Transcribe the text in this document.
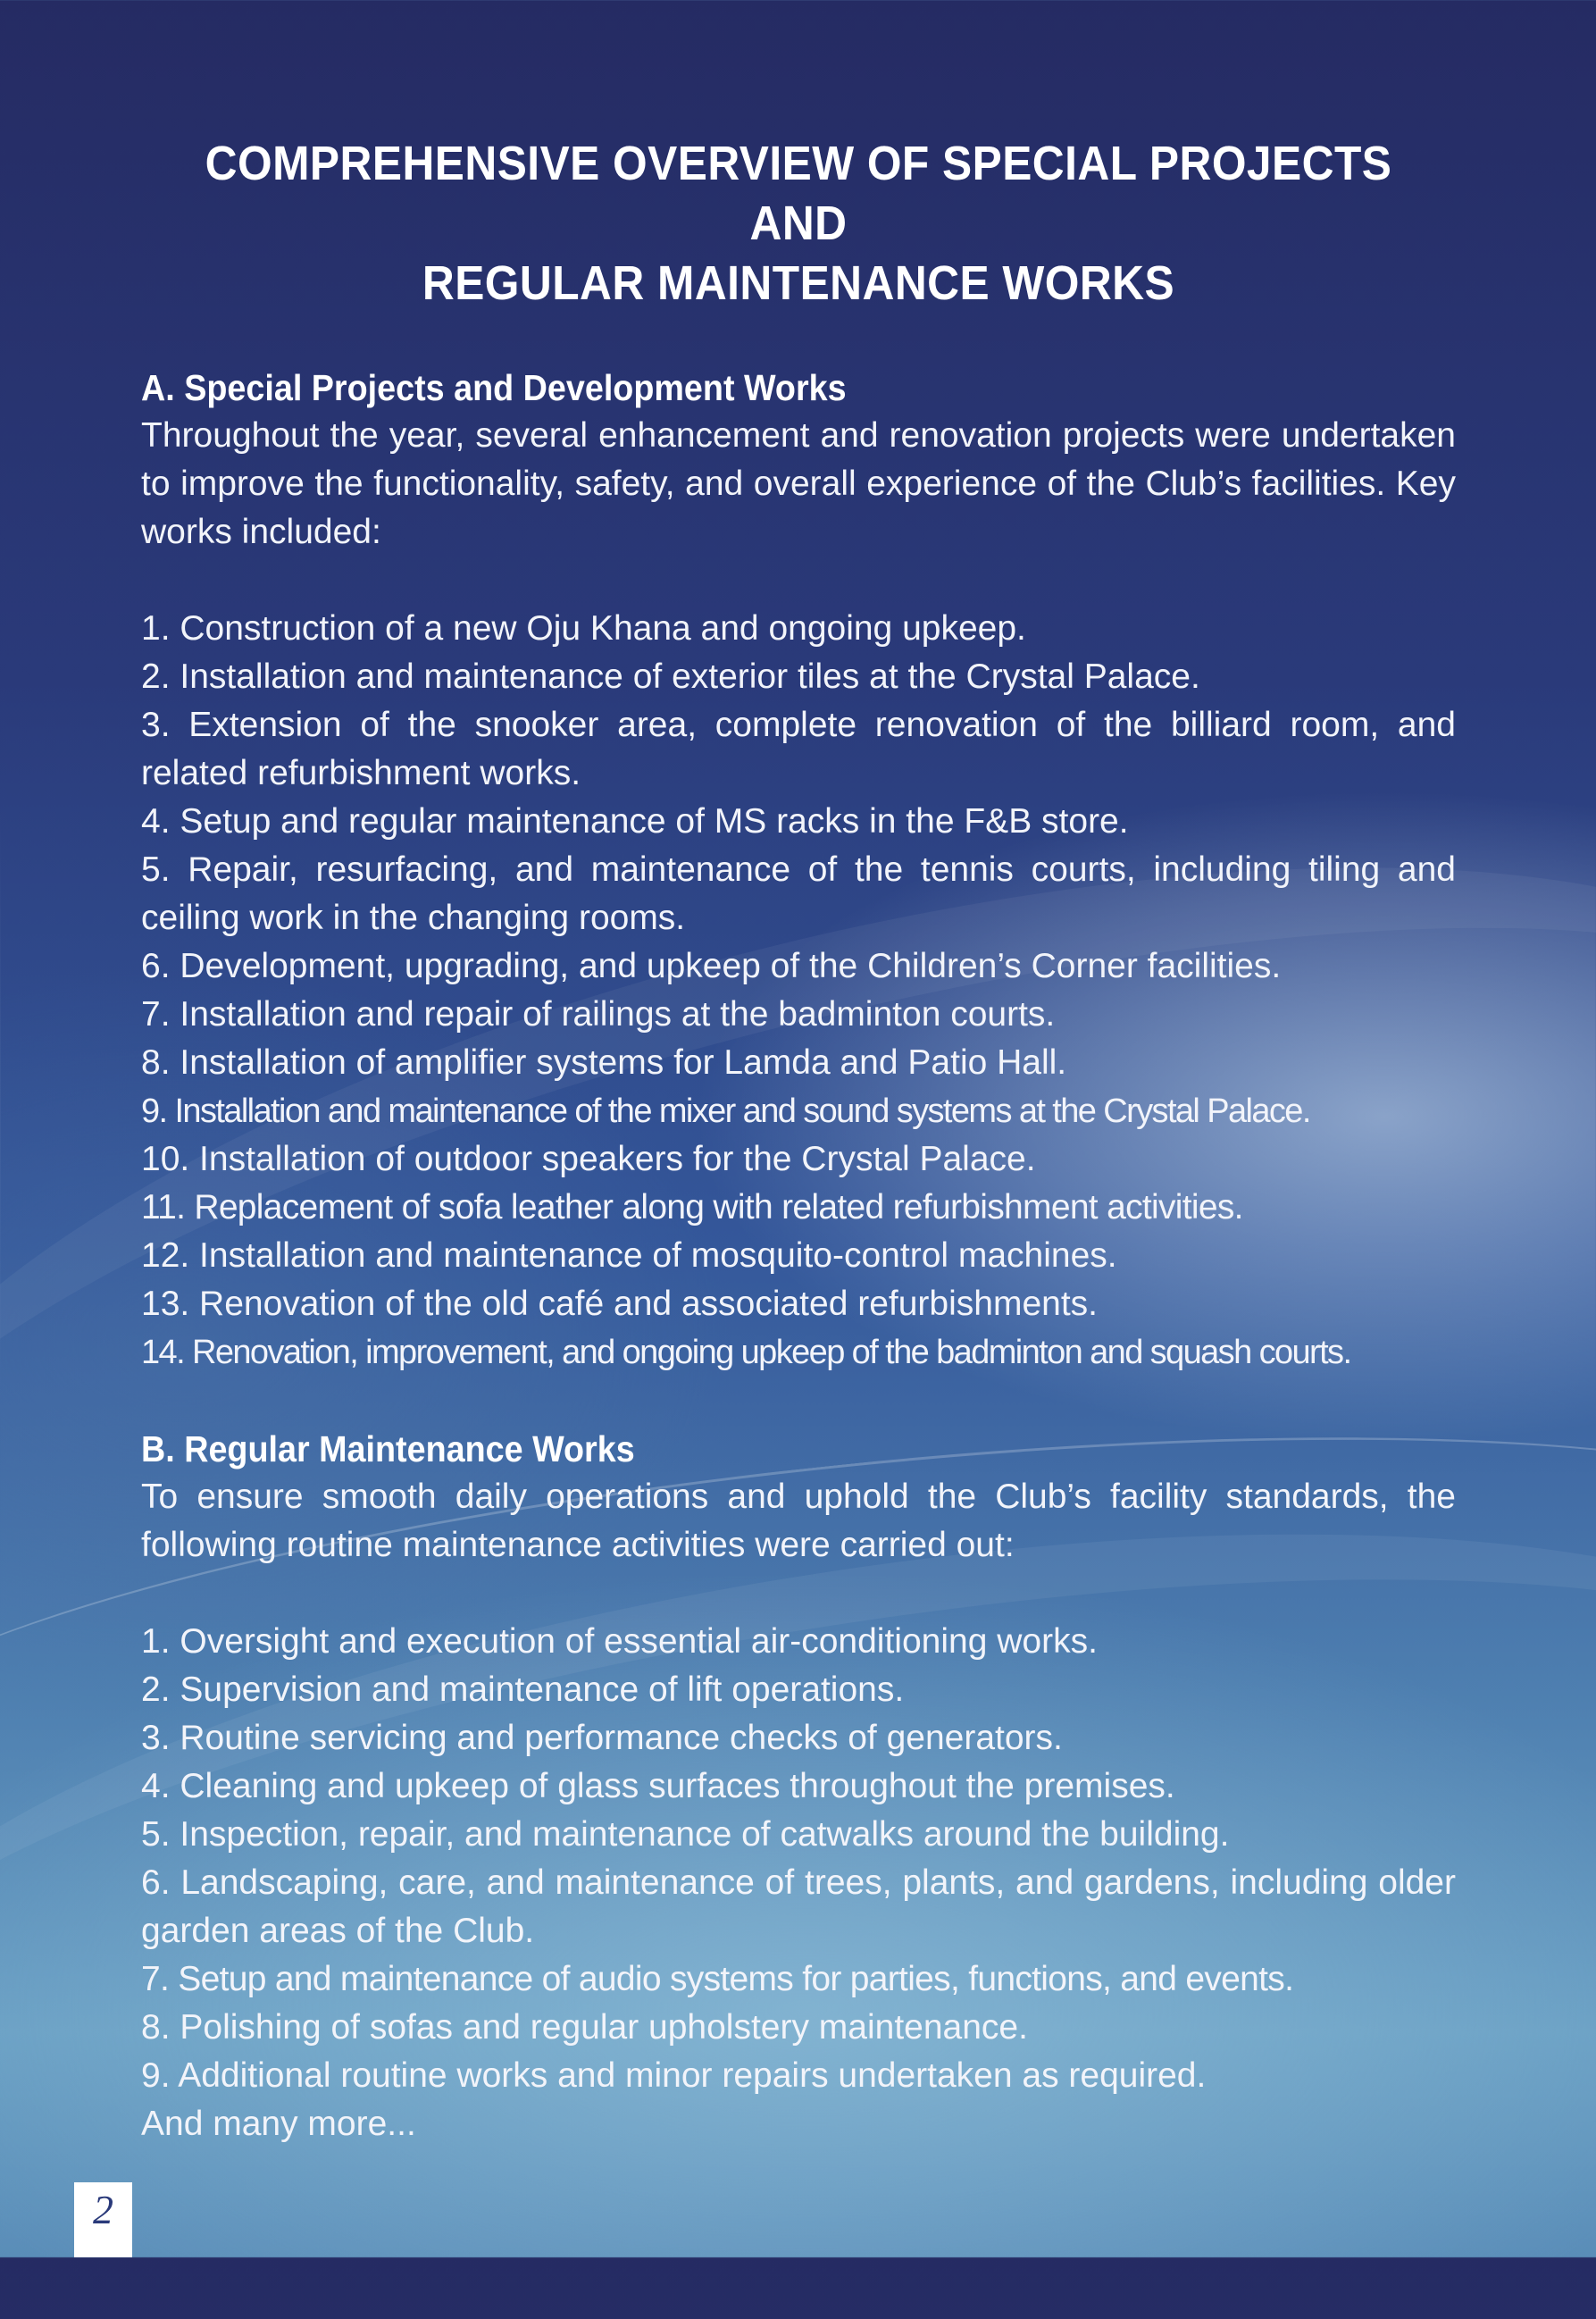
COMPREHENSIVE OVERVIEW OF SPECIAL PROJECTS AND
REGULAR MAINTENANCE WORKS
A. Special Projects and Development Works

Throughout the year, several enhancement and renovation projects were undertaken to improve the functionality, safety, and overall experience of the Club’s facilities. Key works included:

1. Construction of a new Oju Khana and ongoing upkeep.
2. Installation and maintenance of exterior tiles at the Crystal Palace.
3. Extension of the snooker area, complete renovation of the billiard room, and related refurbishment works.
4. Setup and regular maintenance of MS racks in the F&B store.
5. Repair, resurfacing, and maintenance of the tennis courts, including tiling and ceiling work in the changing rooms.
6. Development, upgrading, and upkeep of the Children’s Corner facilities.
7. Installation and repair of railings at the badminton courts.
8. Installation of amplifier systems for Lamda and Patio Hall.
9. Installation and maintenance of the mixer and sound systems at the Crystal Palace.
10. Installation of outdoor speakers for the Crystal Palace.
11. Replacement of sofa leather along with related refurbishment activities.
12. Installation and maintenance of mosquito-control machines.
13. Renovation of the old café and associated refurbishments.
14. Renovation, improvement, and ongoing upkeep of the badminton and squash courts.
B. Regular Maintenance Works

To ensure smooth daily operations and uphold the Club’s facility standards, the following routine maintenance activities were carried out:

1. Oversight and execution of essential air-conditioning works.
2. Supervision and maintenance of lift operations.
3. Routine servicing and performance checks of generators.
4. Cleaning and upkeep of glass surfaces throughout the premises.
5. Inspection, repair, and maintenance of catwalks around the building.
6. Landscaping, care, and maintenance of trees, plants, and gardens, including older garden areas of the Club.
7. Setup and maintenance of audio systems for parties, functions, and events.
8. Polishing of sofas and regular upholstery maintenance.
9. Additional routine works and minor repairs undertaken as required.

And many more...

2
